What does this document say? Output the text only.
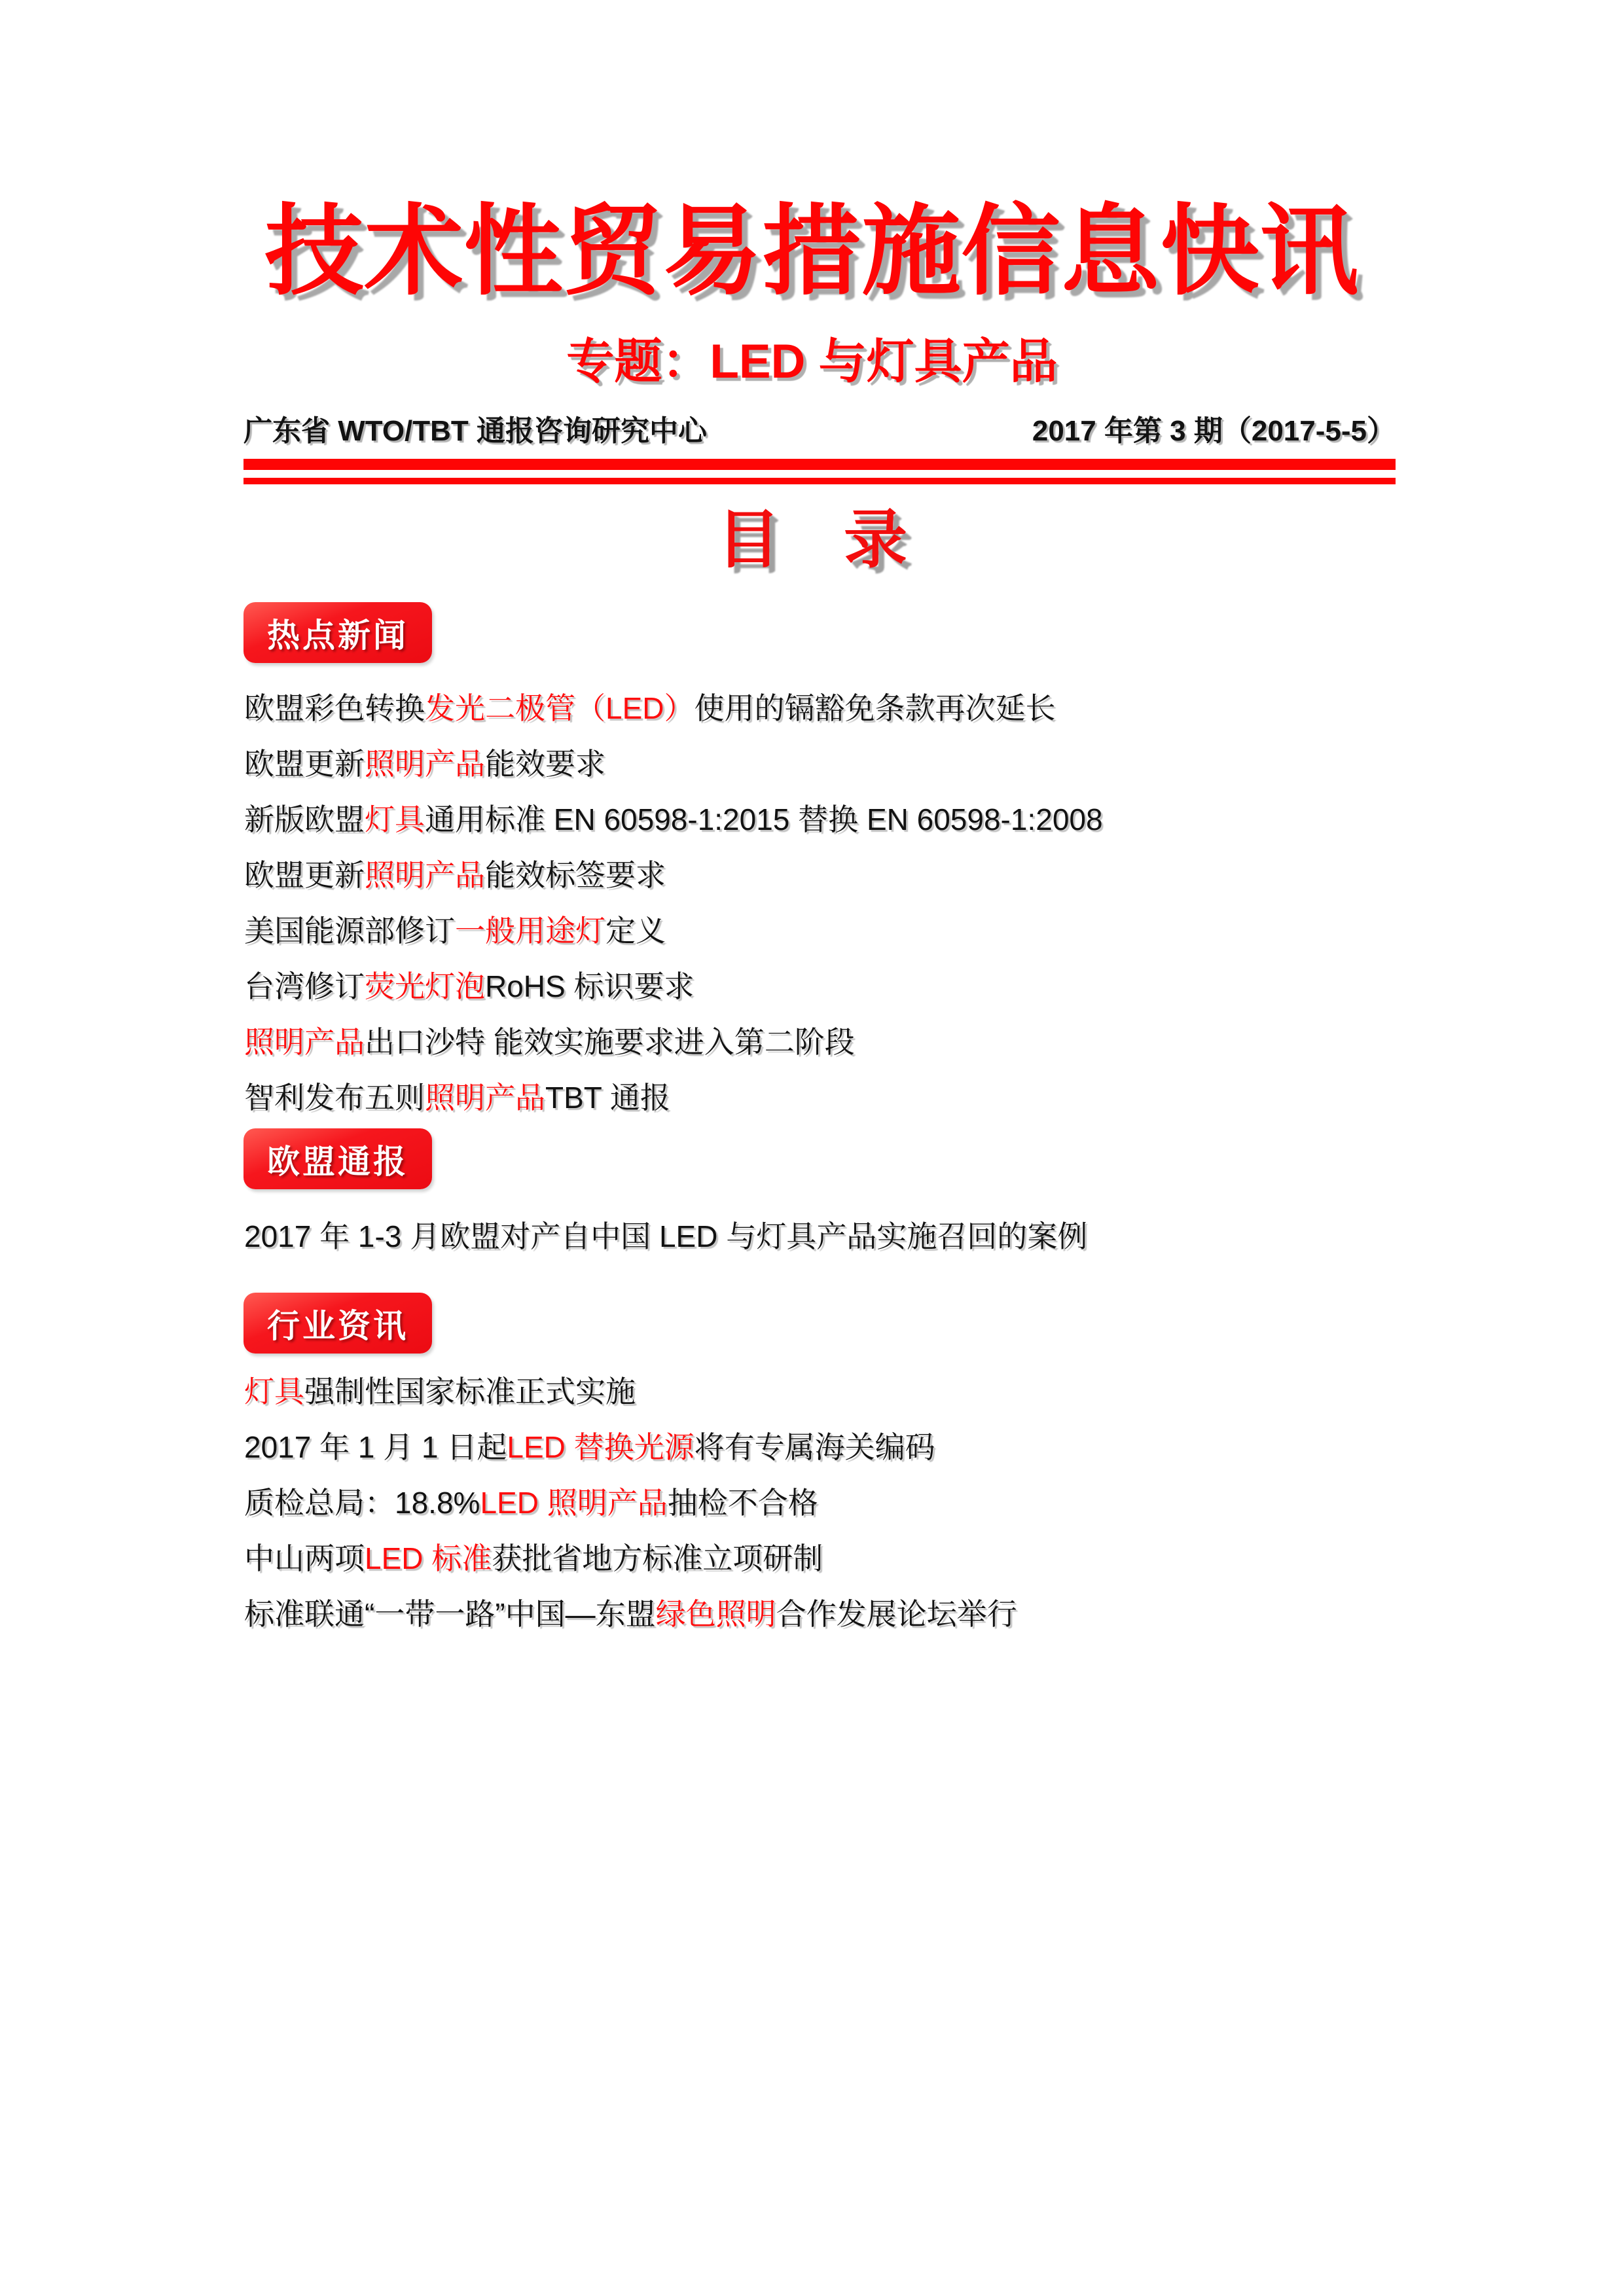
技术性贸易措施信息快讯
专题：LED 与灯具产品
广东省 WTO/TBT 通报咨询研究中心	2017 年第 3 期（2017-5-5）
目　录
热点新闻
欧盟彩色转换 发光二极管（LED） 使用的镉豁免条款再次延长
欧盟更新 照明产品 能效要求
新版欧盟 灯具 通用标准 EN 60598-1:2015 替换 EN 60598-1:2008
欧盟更新 照明产品 能效标签要求
美国能源部修订 一般用途灯 定义
台湾修订 荧光灯泡 RoHS 标识要求
照明产品 出口沙特 能效实施要求进入第二阶段
智利发布五则 照明产品 TBT 通报
欧盟通报
2017 年 1-3 月欧盟对产自中国 LED 与灯具产品实施召回的案例
行业资讯
灯具 强制性国家标准正式实施
2017 年 1 月 1 日起 LED 替换光源 将有专属海关编码
质检总局：18.8% LED 照明产品 抽检不合格
中山两项 LED 标准 获批省地方标准立项研制
标准联通“一带一路”中国—东盟 绿色照明 合作发展论坛举行
